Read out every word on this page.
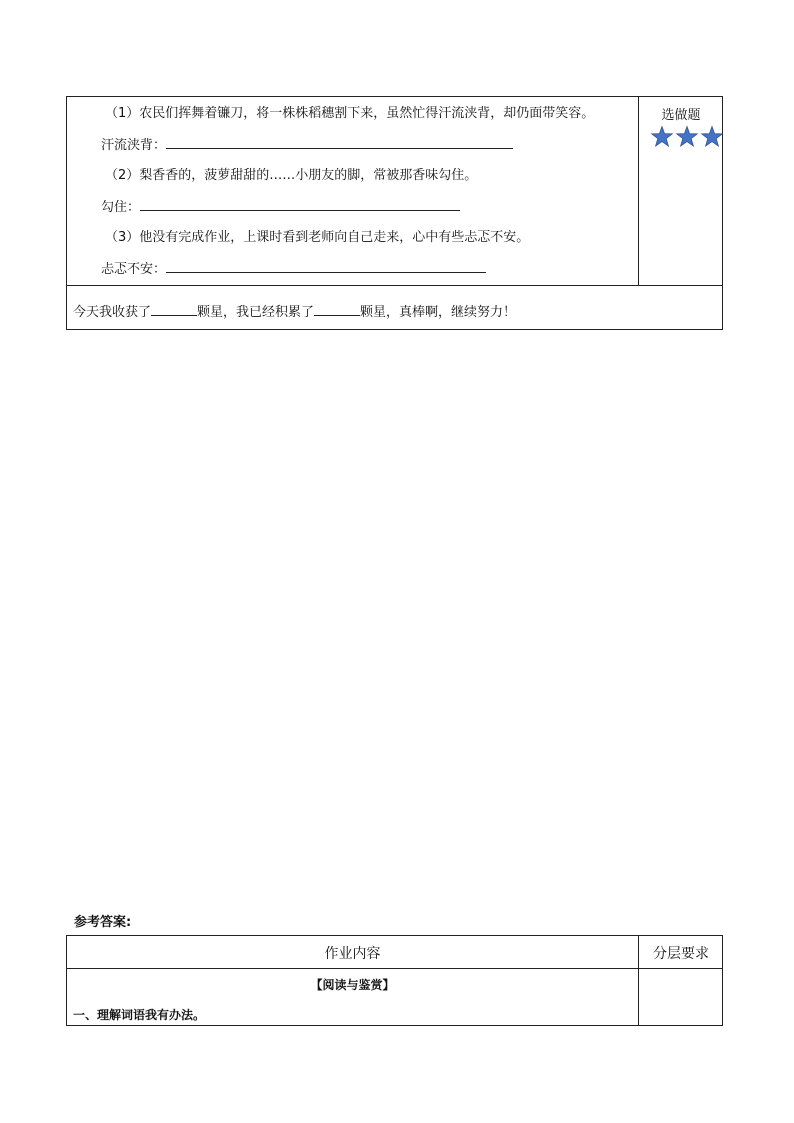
（1）农民们挥舞着镰刀，将一株株稻穗割下来，虽然忙得汗流浃背，却仍面带笑容。
汗流浃背：
（2）梨香香的，菠萝甜甜的……小朋友的脚，常被那香味勾住。
勾住：
（3）他没有完成作业，上课时看到老师向自己走来，心中有些忐忑不安。
忐忑不安：
选做题
今天我收获了	颗星，我已经积累了	颗星，真棒啊，继续努力！
参考答案:
作业内容	分层要求
【阅读与鉴赏】
一、理解词语我有办法。
